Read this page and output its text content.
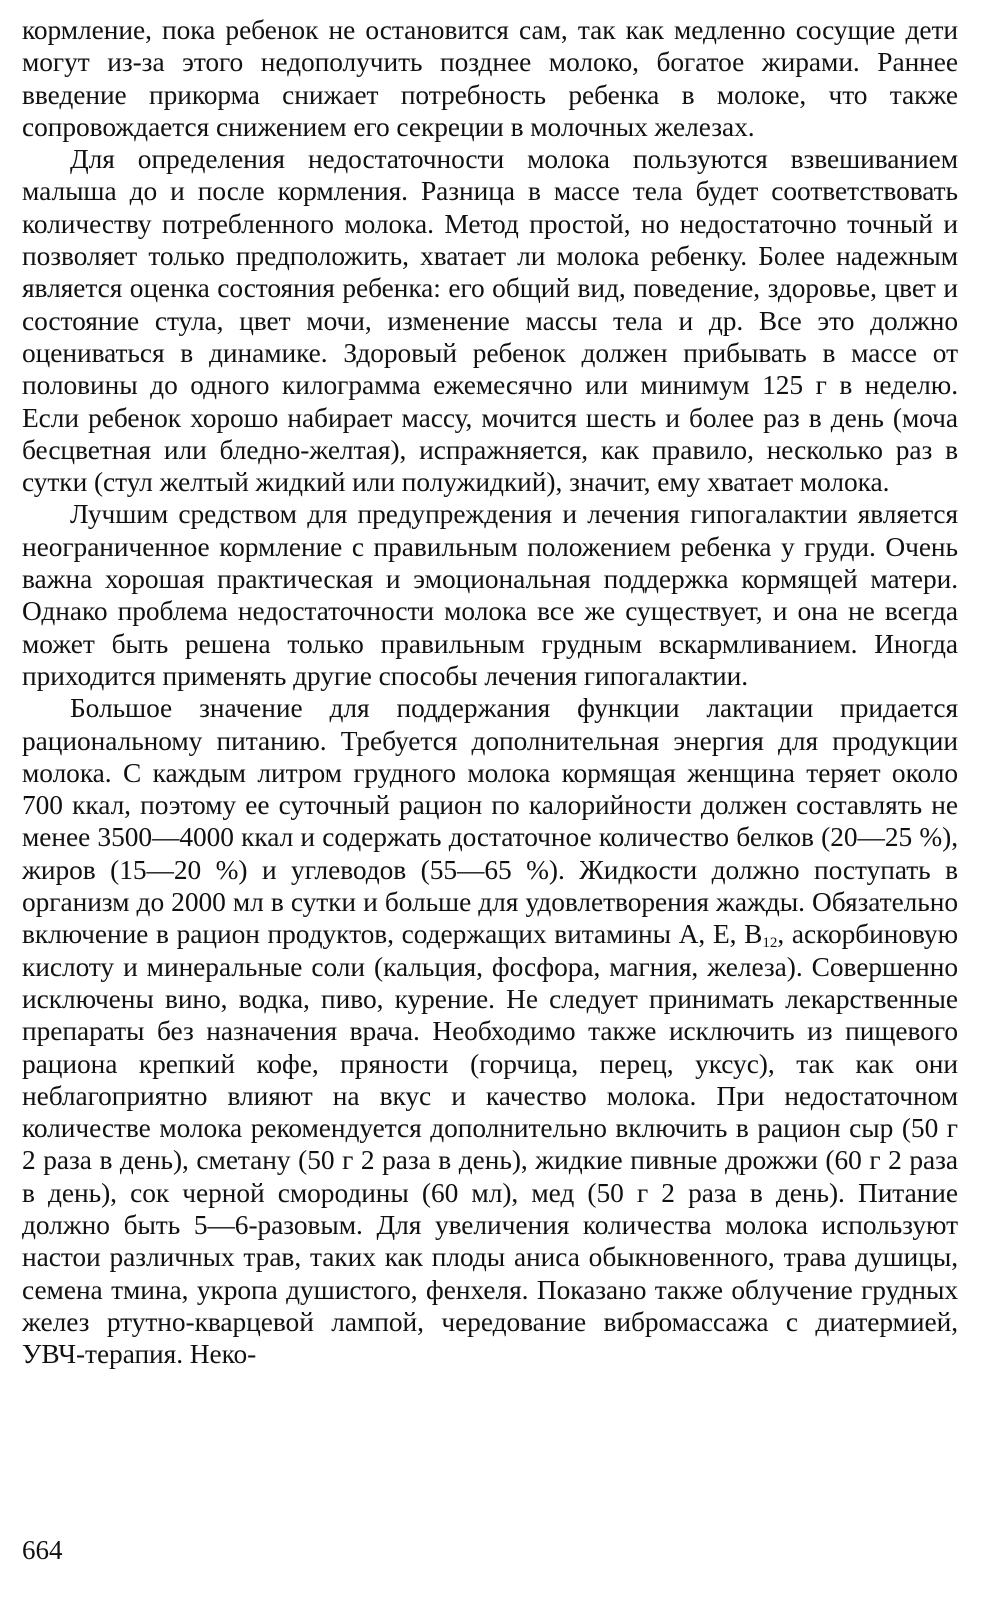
кормление, пока ребенок не остановится сам, так как медленно сосущие дети могут из-за этого недополучить позднее молоко, богатое жирами. Раннее введение прикорма снижает потребность ребенка в молоке, что также сопровождается снижением его секреции в молочных железах.

Для определения недостаточности молока пользуются взвешиванием малыша до и после кормления. Разница в массе тела будет соответствовать количеству потребленного молока. Метод простой, но недостаточно точный и позволяет только предположить, хватает ли молока ребенку. Более надежным является оценка состояния ребенка: его общий вид, поведение, здоровье, цвет и состояние стула, цвет мочи, изменение массы тела и др. Все это должно оцениваться в динамике. Здоровый ребенок должен прибывать в массе от половины до одного килограмма ежемесячно или минимум 125 г в неделю. Если ребенок хорошо набирает массу, мочится шесть и более раз в день (моча бесцветная или бледно-желтая), испражняется, как правило, несколько раз в сутки (стул желтый жидкий или полужидкий), значит, ему хватает молока.

Лучшим средством для предупреждения и лечения гипогалактии является неограниченное кормление с правильным положением ребенка у груди. Очень важна хорошая практическая и эмоциональная поддержка кормящей матери. Однако проблема недостаточности молока все же существует, и она не всегда может быть решена только правильным грудным вскармливанием. Иногда приходится применять другие способы лечения гипогалактии.

Большое значение для поддержания функции лактации придается рациональному питанию. Требуется дополнительная энергия для продукции молока. С каждым литром грудного молока кормящая женщина теряет около 700 ккал, поэтому ее суточный рацион по калорийности должен составлять не менее 3500—4000 ккал и содержать достаточное количество белков (20—25 %), жиров (15—20 %) и углеводов (55—65 %). Жидкости должно поступать в организм до 2000 мл в сутки и больше для удовлетворения жажды. Обязательно включение в рацион продуктов, содержащих витамины А, Е, $В_{12}$, аскорбиновую кислоту и минеральные соли (кальция, фосфора, магния, железа). Совершенно исключены вино, водка, пиво, курение. Не следует принимать лекарственные препараты без назначения врача. Необходимо также исключить из пищевого рациона крепкий кофе, пряности (горчица, перец, уксус), так как они неблагоприятно влияют на вкус и качество молока. При недостаточном количестве молока рекомендуется дополнительно включить в рацион сыр (50 г 2 раза в день), сметану (50 г 2 раза в день), жидкие пивные дрожжи (60 г 2 раза в день), сок черной смородины (60 мл), мед (50 г 2 раза в день). Питание должно быть 5—6-разовым. Для увеличения количества молока используют настои различных трав, таких как плоды аниса обыкновенного, трава душицы, семена тмина, укропа душистого, фенхеля. Показано также облучение грудных желез ртутно-кварцевой лампой, чередование вибромассажа с диатермией, УВЧ-терапия. Неко-

664
